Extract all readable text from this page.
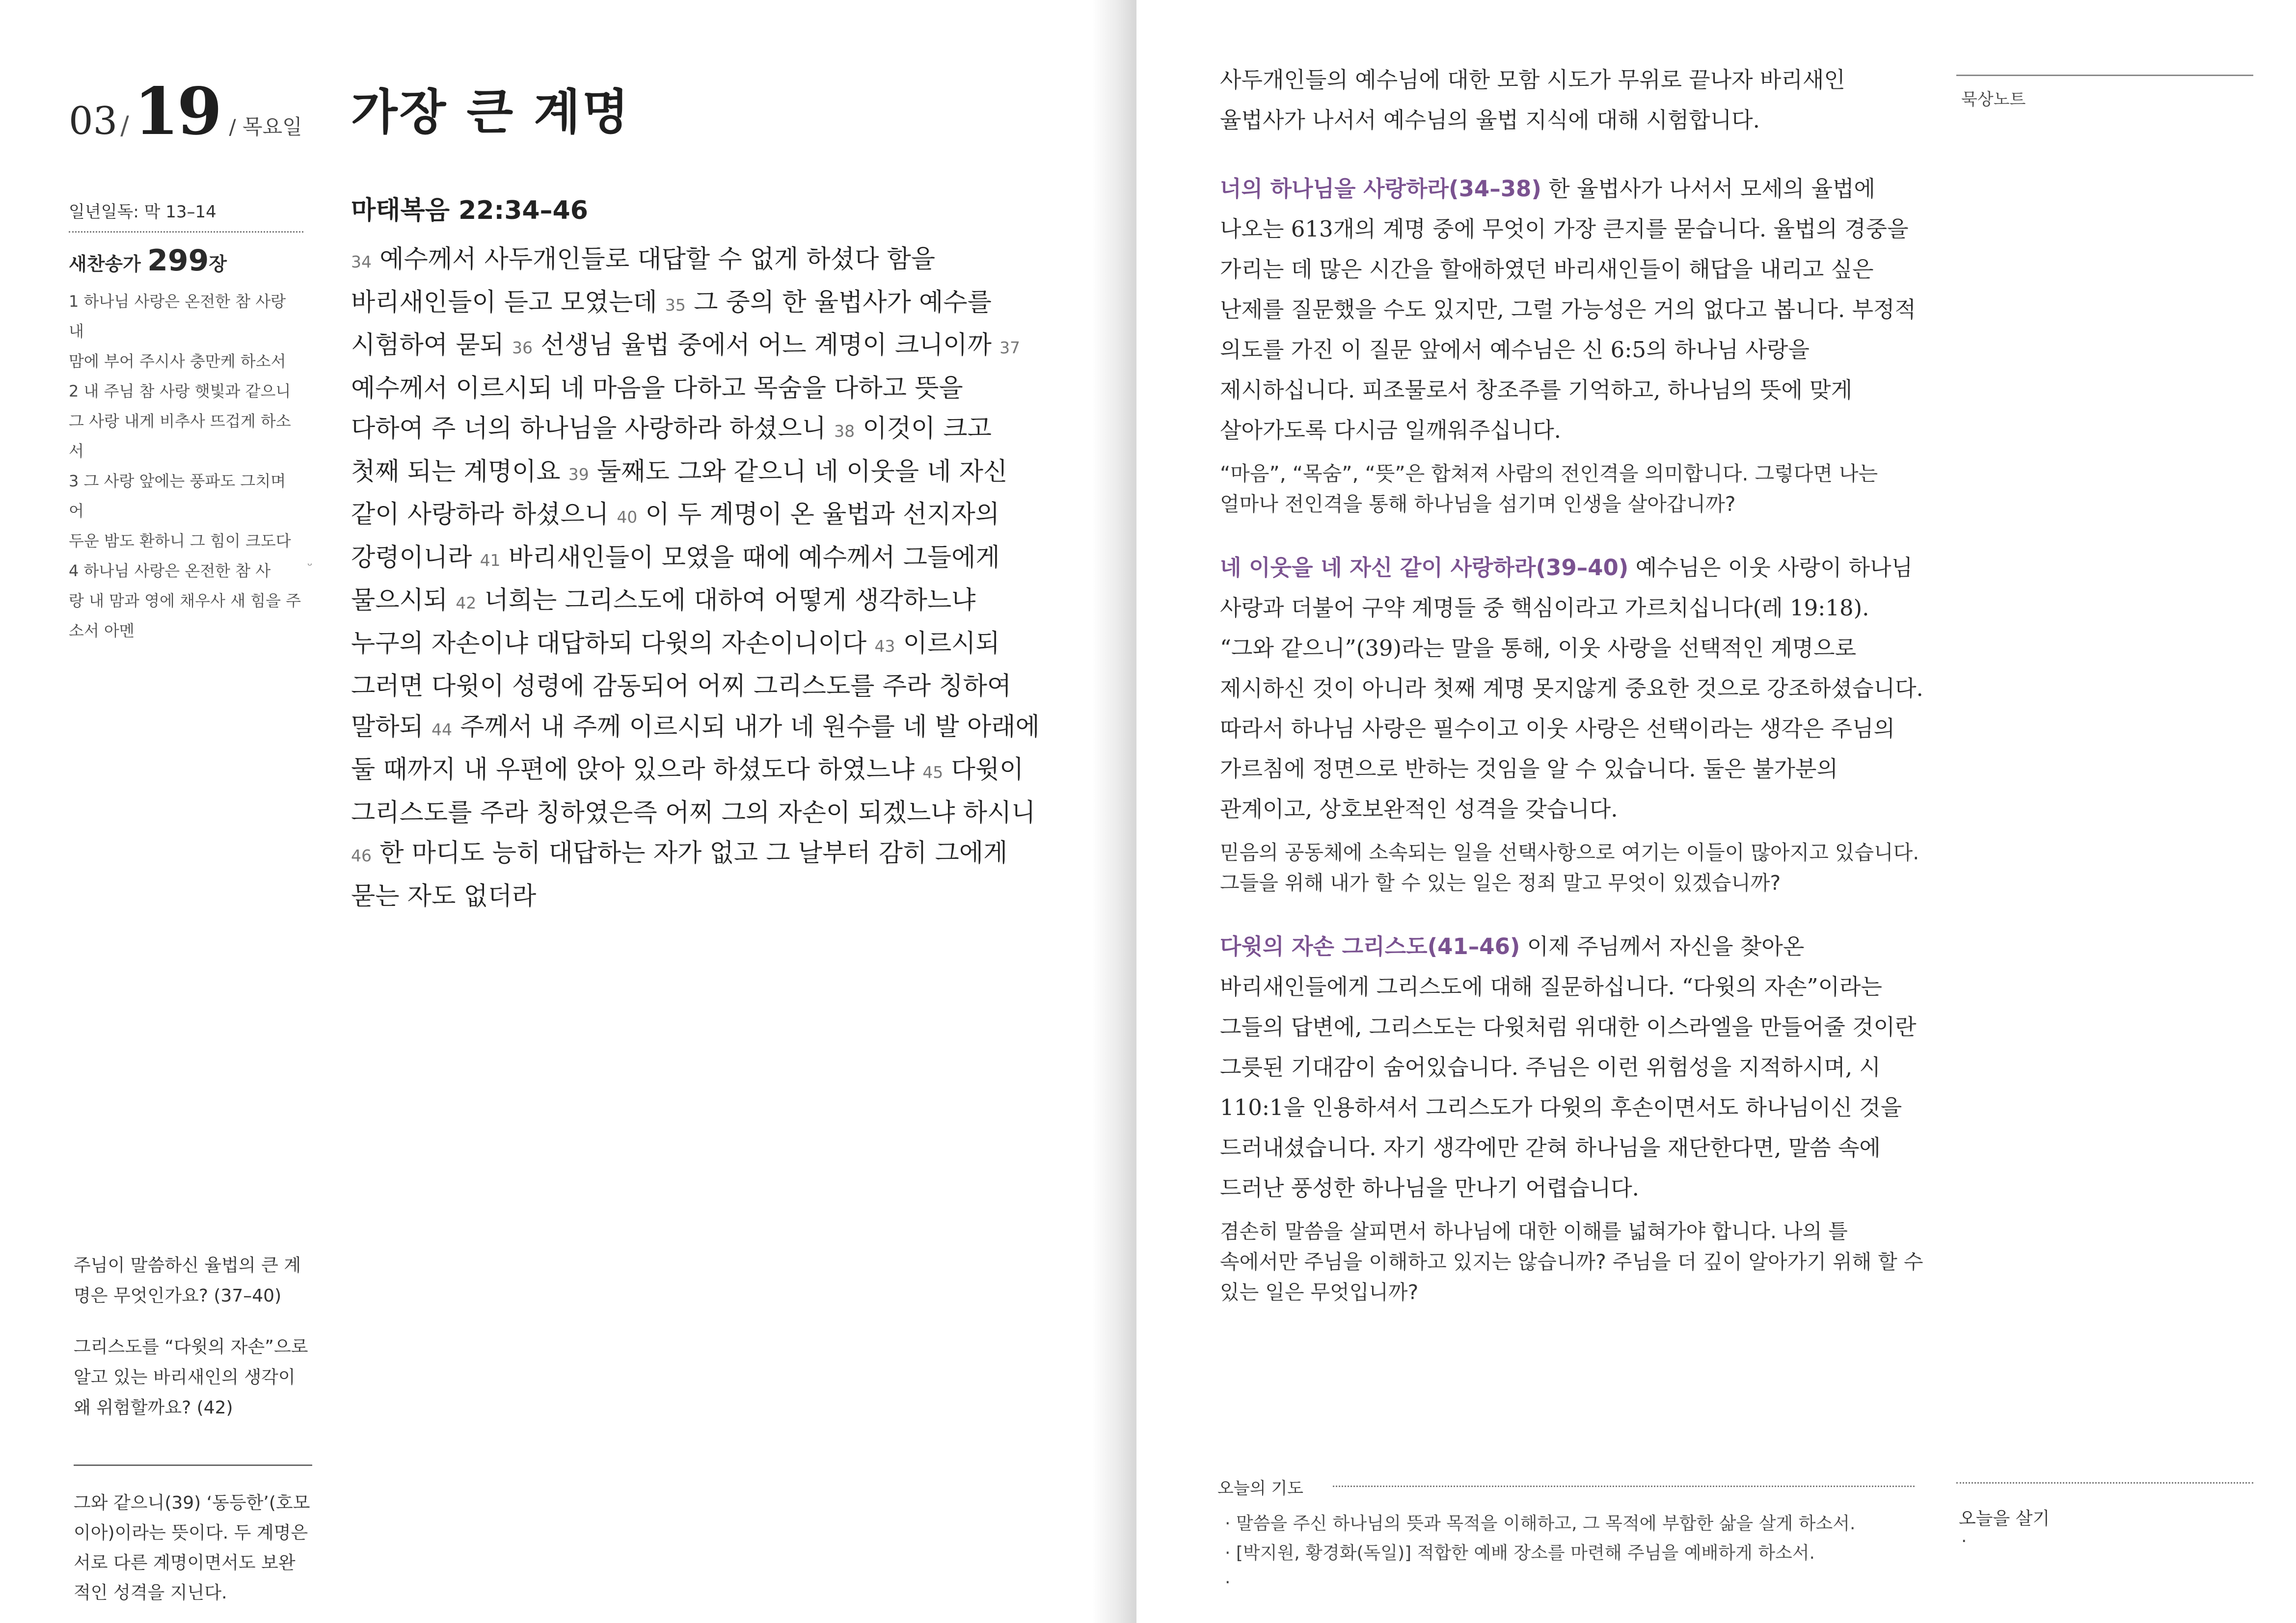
03 / 19 / 목요일 가장 큰 계명
일년일독: 막 13–14
새찬송가 299장
1 하나님 사랑은 온전한 참 사랑 내
맘에 부어 주시사 충만케 하소서
2 내 주님 참 사랑 햇빛과 같으니
그 사랑 내게 비추사 뜨겁게 하소서
3 그 사랑 앞에는 풍파도 그치며 어
두운 밤도 환하니 그 힘이 크도다
4 하나님 사랑은 온전한 참 사
랑 내 맘과 영에 채우사 새 힘을 주
소서 아멘
ᵕ

주님이 말씀하신 율법의 큰 계명은 무엇인가요? (37–40)

그리스도를 “다윗의 자손”으로 알고 있는 바리새인의 생각이 왜 위험할까요? (42)

그와 같으니(39) ‘동등한’(호모이아)이라는 뜻이다. 두 계명은 서로 다른 계명이면서도 보완적인 성격을 지닌다.
마태복음 22:34–46
34 예수께서 사두개인들로 대답할 수 없게 하셨다 함을 바리새인들이 듣고 모였는데 35 그 중의 한 율법사가 예수를 시험하여 묻되 36 선생님 율법 중에서 어느 계명이 크니이까 37 예수께서 이르시되 네 마음을 다하고 목숨을 다하고 뜻을 다하여 주 너의 하나님을 사랑하라 하셨으니 38 이것이 크고 첫째 되는 계명이요 39 둘째도 그와 같으니 네 이웃을 네 자신 같이 사랑하라 하셨으니 40 이 두 계명이 온 율법과 선지자의 강령이니라 41 바리새인들이 모였을 때에 예수께서 그들에게 물으시되 42 너희는 그리스도에 대하여 어떻게 생각하느냐 누구의 자손이냐 대답하되 다윗의 자손이니이다 43 이르시되 그러면 다윗이 성령에 감동되어 어찌 그리스도를 주라 칭하여 말하되 44 주께서 내 주께 이르시되 내가 네 원수를 네 발 아래에 둘 때까지 내 우편에 앉아 있으라 하셨도다 하였느냐 45 다윗이 그리스도를 주라 칭하였은즉 어찌 그의 자손이 되겠느냐 하시니 46 한 마디도 능히 대답하는 자가 없고 그 날부터 감히 그에게 묻는 자도 없더라

사두개인들의 예수님에 대한 모함 시도가 무위로 끝나자 바리새인 율법사가 나서서 예수님의 율법 지식에 대해 시험합니다.

너의 하나님을 사랑하라(34–38) 한 율법사가 나서서 모세의 율법에 나오는 613개의 계명 중에 무엇이 가장 큰지를 묻습니다. 율법의 경중을 가리는 데 많은 시간을 할애하였던 바리새인들이 해답을 내리고 싶은 난제를 질문했을 수도 있지만, 그럴 가능성은 거의 없다고 봅니다. 부정적 의도를 가진 이 질문 앞에서 예수님은 신 6:5의 하나님 사랑을 제시하십니다. 피조물로서 창조주를 기억하고, 하나님의 뜻에 맞게 살아가도록 다시금 일깨워주십니다.

“마음”, “목숨”, “뜻”은 합쳐져 사람의 전인격을 의미합니다. 그렇다면 나는 얼마나 전인격을 통해 하나님을 섬기며 인생을 살아갑니까?

네 이웃을 네 자신 같이 사랑하라(39–40) 예수님은 이웃 사랑이 하나님 사랑과 더불어 구약 계명들 중 핵심이라고 가르치십니다(레 19:18). “그와 같으니”(39)라는 말을 통해, 이웃 사랑을 선택적인 계명으로 제시하신 것이 아니라 첫째 계명 못지않게 중요한 것으로 강조하셨습니다. 따라서 하나님 사랑은 필수이고 이웃 사랑은 선택이라는 생각은 주님의 가르침에 정면으로 반하는 것임을 알 수 있습니다. 둘은 불가분의 관계이고, 상호보완적인 성격을 갖습니다.

믿음의 공동체에 소속되는 일을 선택사항으로 여기는 이들이 많아지고 있습니다. 그들을 위해 내가 할 수 있는 일은 정죄 말고 무엇이 있겠습니까?

다윗의 자손 그리스도(41–46) 이제 주님께서 자신을 찾아온 바리새인들에게 그리스도에 대해 질문하십니다. “다윗의 자손”이라는 그들의 답변에, 그리스도는 다윗처럼 위대한 이스라엘을 만들어줄 것이란 그릇된 기대감이 숨어있습니다. 주님은 이런 위험성을 지적하시며, 시 110:1을 인용하셔서 그리스도가 다윗의 후손이면서도 하나님이신 것을 드러내셨습니다. 자기 생각에만 갇혀 하나님을 재단한다면, 말씀 속에 드러난 풍성한 하나님을 만나기 어렵습니다.

겸손히 말씀을 살피면서 하나님에 대한 이해를 넓혀가야 합니다. 나의 틀 속에서만 주님을 이해하고 있지는 않습니까? 주님을 더 깊이 알아가기 위해 할 수 있는 일은 무엇입니까?

묵상노트
오늘의 기도
· 말씀을 주신 하나님의 뜻과 목적을 이해하고, 그 목적에 부합한 삶을 살게 하소서.
· [박지원, 황경화(독일)] 적합한 예배 장소를 마련해 주님을 예배하게 하소서.
·
오늘을 살기
·
